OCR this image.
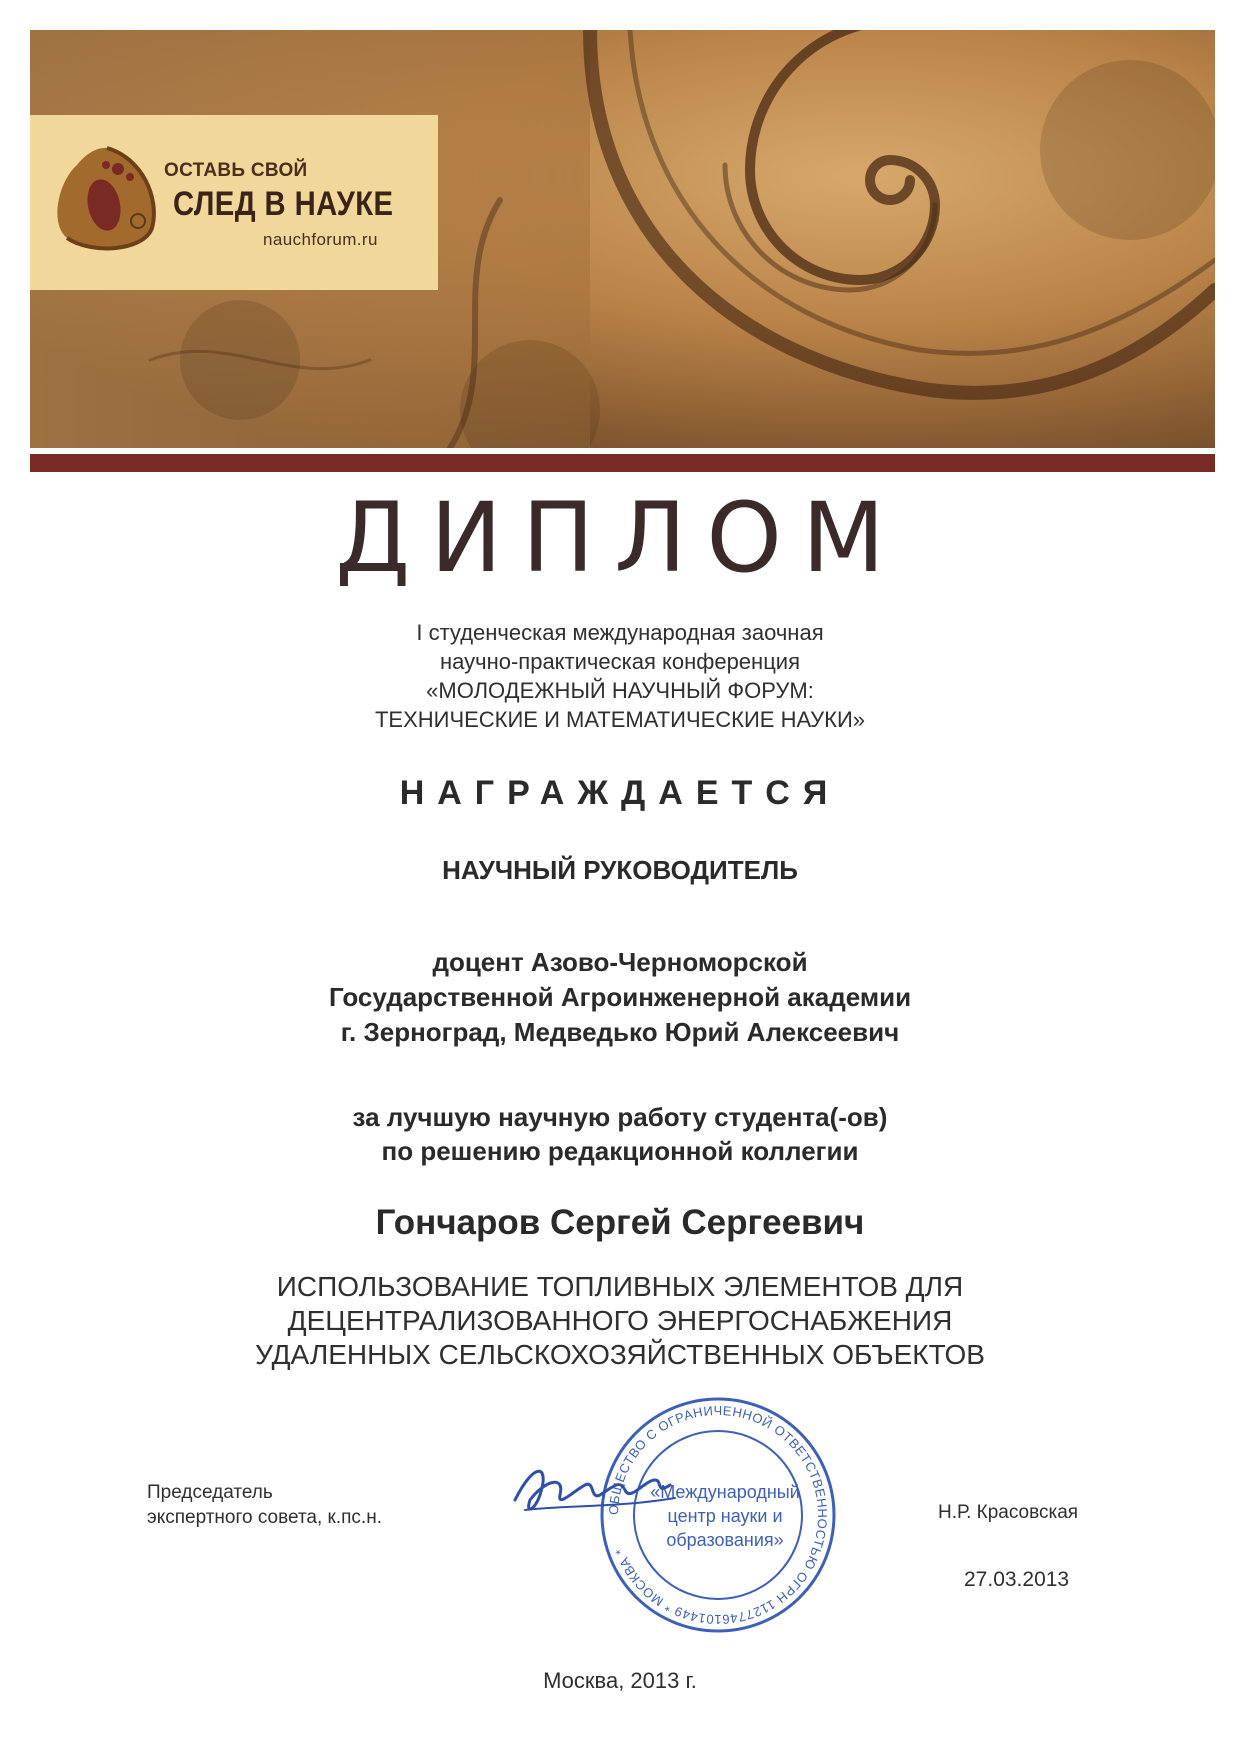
ОСТАВЬ СВОЙ
СЛЕД В НАУКЕ
nauchforum.ru
ДИПЛОМ
I студенческая международная заочная
научно-практическая конференция
«МОЛОДЕЖНЫЙ НАУЧНЫЙ ФОРУМ:
ТЕХНИЧЕСКИЕ И МАТЕМАТИЧЕСКИЕ НАУКИ»
НАГРАЖДАЕТСЯ
НАУЧНЫЙ РУКОВОДИТЕЛЬ
доцент Азово-Черноморской
Государственной Агроинженерной академии
г. Зерноград, Медведько Юрий Алексеевич
за лучшую научную работу студента(-ов)
по решению редакционной коллегии
Гончаров Сергей Сергеевич
ИСПОЛЬЗОВАНИЕ ТОПЛИВНЫХ ЭЛЕМЕНТОВ ДЛЯ
ДЕЦЕНТРАЛИЗОВАННОГО ЭНЕРГОСНАБЖЕНИЯ
УДАЛЕННЫХ СЕЛЬСКОХОЗЯЙСТВЕННЫХ ОБЪЕКТОВ
Председатель
экспертного совета, к.пс.н.	ОБЩЕСТВО С ОГРАНИЧЕННОЙ ОТВЕТСТВЕННОСТЬЮ ОГРН 1127746101449 * МОСКВА *
«Международный
центр науки и
образования»
Н.Р. Красовская
27.03.2013
Москва, 2013 г.
